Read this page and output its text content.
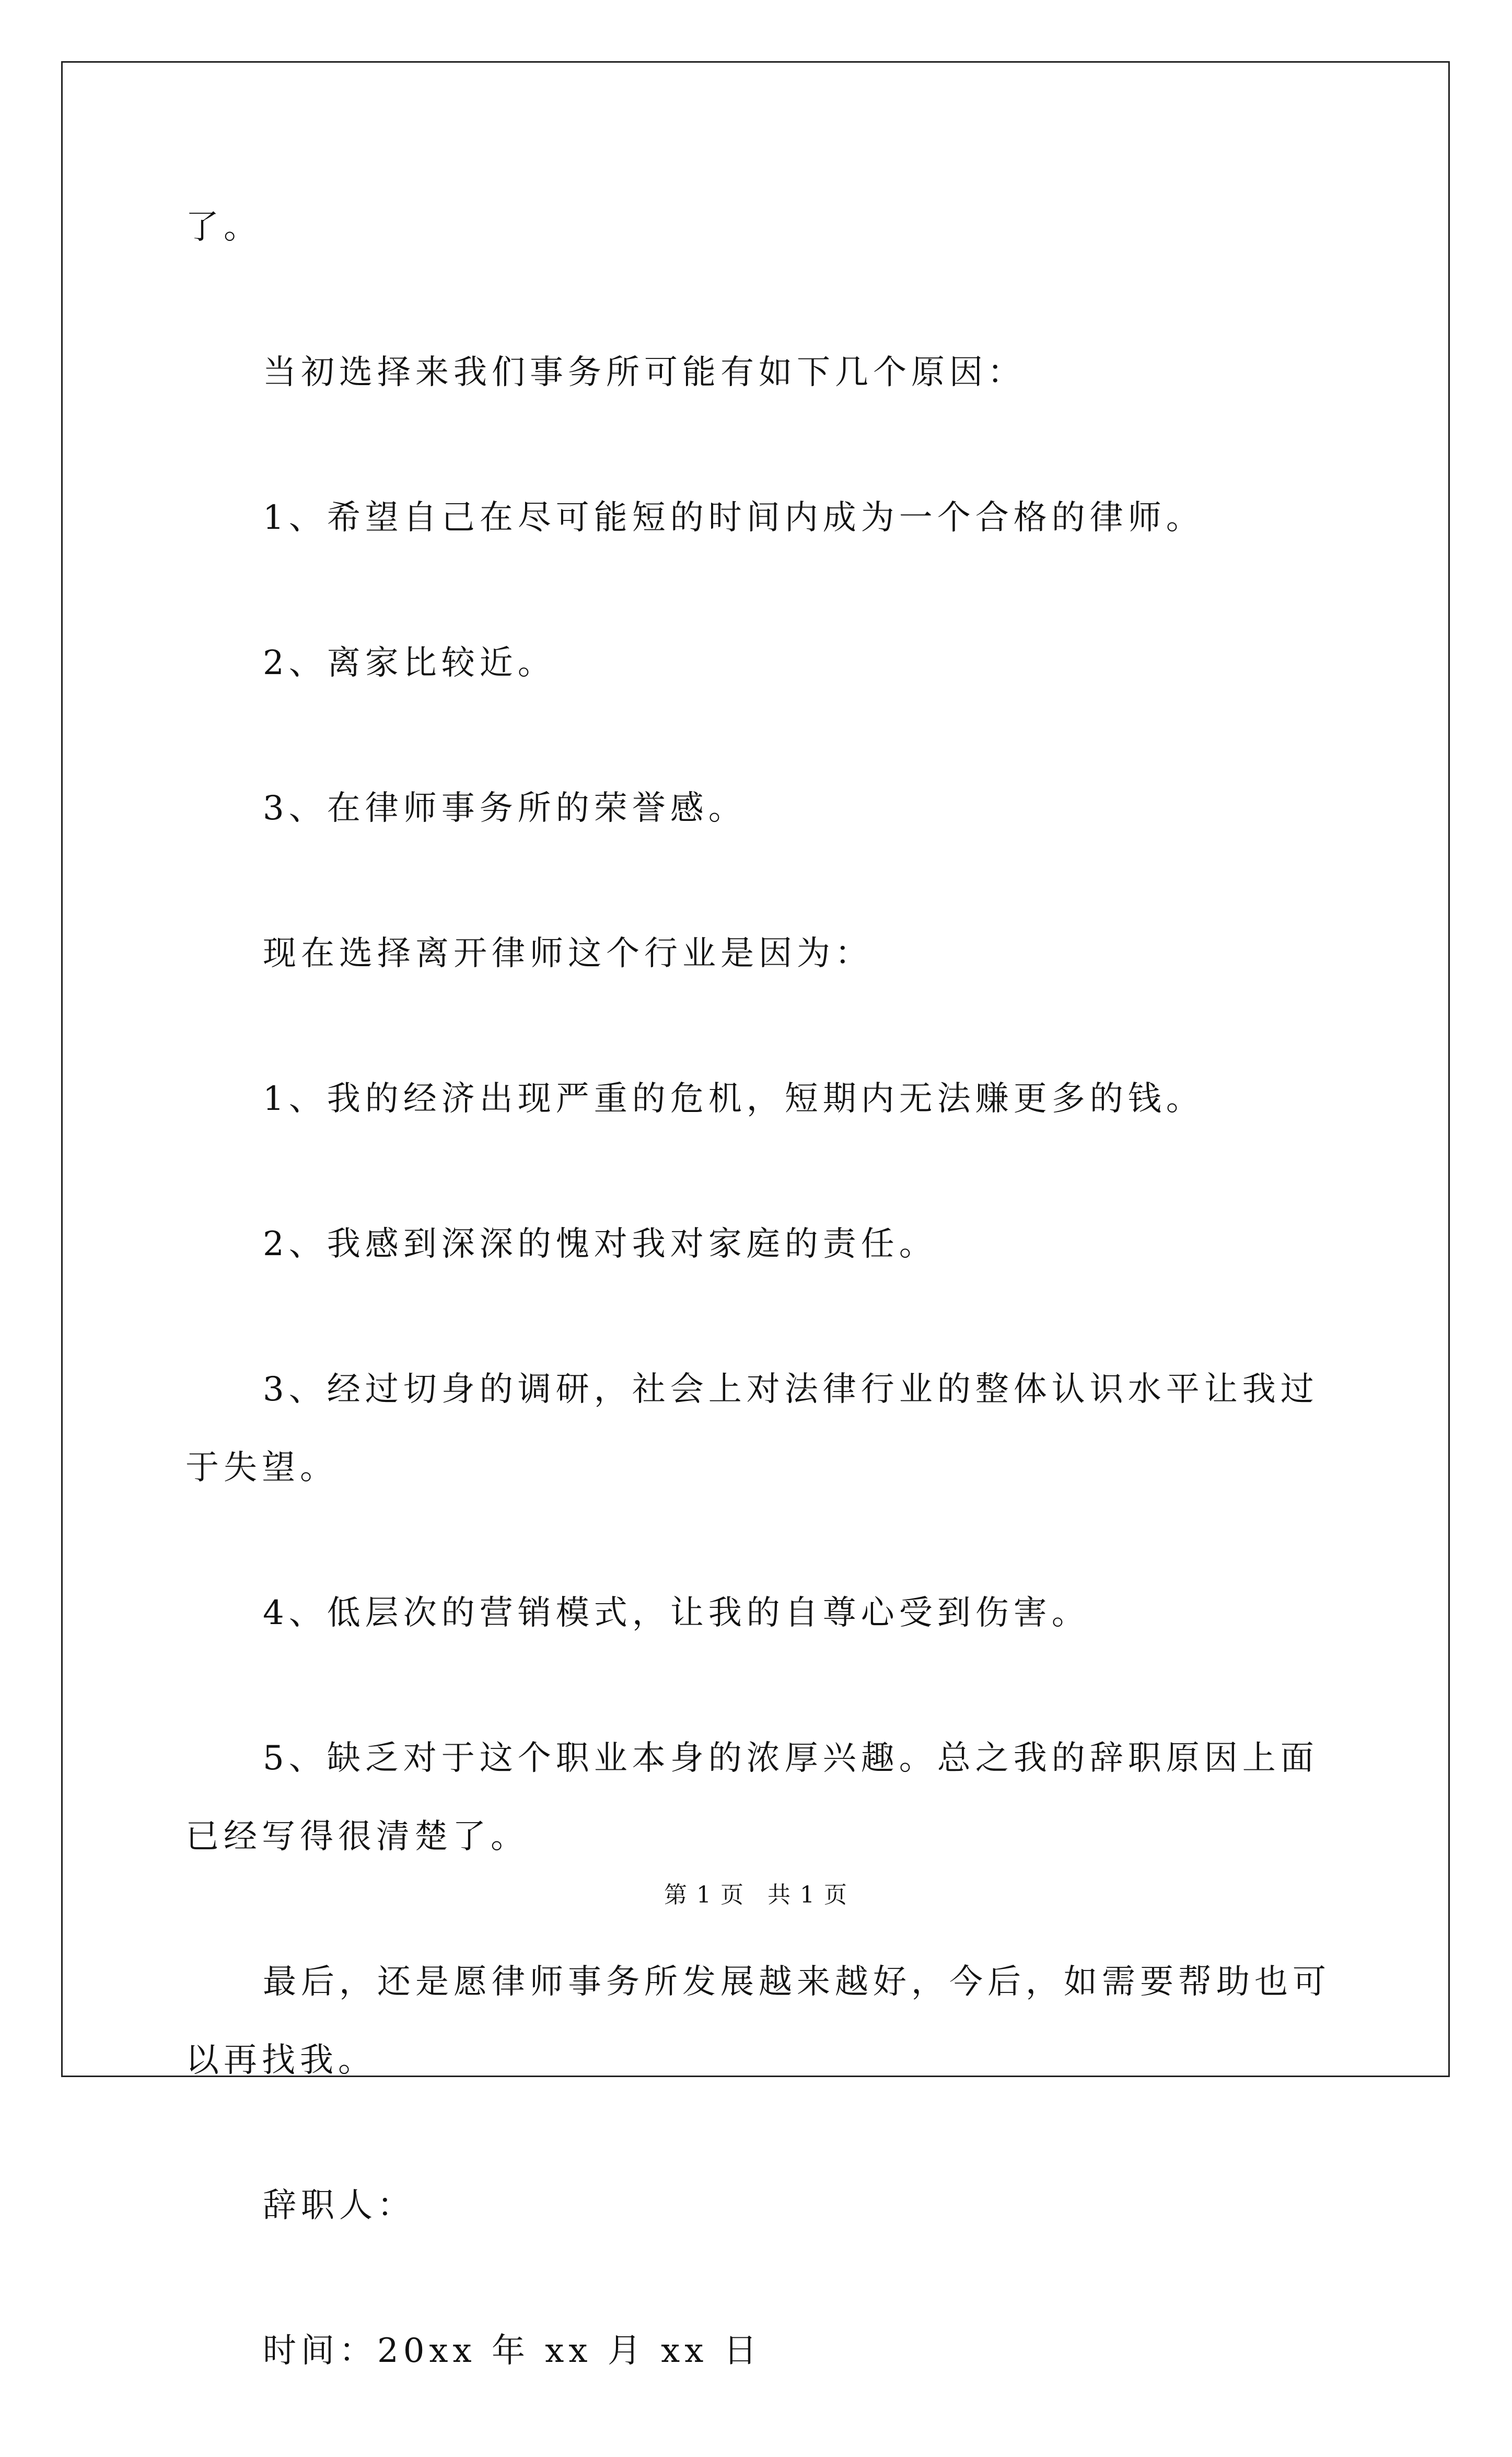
了。

当初选择来我们事务所可能有如下几个原因：

1、希望自己在尽可能短的时间内成为一个合格的律师。

2、离家比较近。

3、在律师事务所的荣誉感。

现在选择离开律师这个行业是因为：

1、我的经济出现严重的危机，短期内无法赚更多的钱。

2、我感到深深的愧对我对家庭的责任。

3、经过切身的调研，社会上对法律行业的整体认识水平让我过于失望。

4、低层次的营销模式，让我的自尊心受到伤害。

5、缺乏对于这个职业本身的浓厚兴趣。总之我的辞职原因上面已经写得很清楚了。

最后，还是愿律师事务所发展越来越好，今后，如需要帮助也可以再找我。

辞职人：

时间：20xx 年 xx 月 xx 日

第 1 页 共 1 页
